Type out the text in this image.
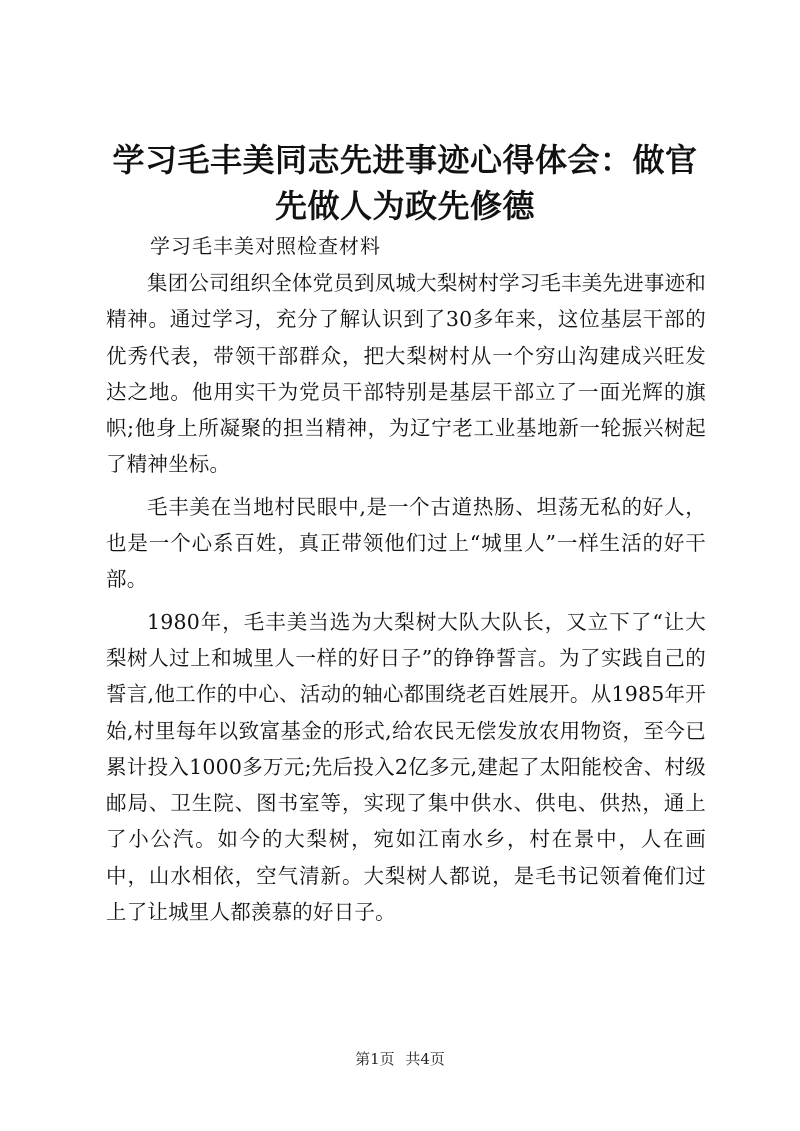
学习毛丰美同志先进事迹心得体会：做官先做人为政先修德

学习毛丰美对照检查材料

集团公司组织全体党员到凤城大梨树村学习毛丰美先进事迹和精神。通过学习，充分了解认识到了30多年来，这位基层干部的优秀代表，带领干部群众，把大梨树村从一个穷山沟建成兴旺发达之地。他用实干为党员干部特别是基层干部立了一面光辉的旗帜;他身上所凝聚的担当精神，为辽宁老工业基地新一轮振兴树起了精神坐标。

毛丰美在当地村民眼中,是一个古道热肠、坦荡无私的好人，也是一个心系百姓，真正带领他们过上“城里人”一样生活的好干部。

1980年，毛丰美当选为大梨树大队大队长，又立下了“让大梨树人过上和城里人一样的好日子”的铮铮誓言。为了实践自己的誓言,他工作的中心、活动的轴心都围绕老百姓展开。从1985年开始,村里每年以致富基金的形式,给农民无偿发放农用物资，至今已累计投入1000多万元;先后投入2亿多元,建起了太阳能校舍、村级邮局、卫生院、图书室等，实现了集中供水、供电、供热，通上了小公汽。如今的大梨树，宛如江南水乡，村在景中，人在画中，山水相依，空气清新。大梨树人都说，是毛书记领着俺们过上了让城里人都羡慕的好日子。

第1页 共4页
